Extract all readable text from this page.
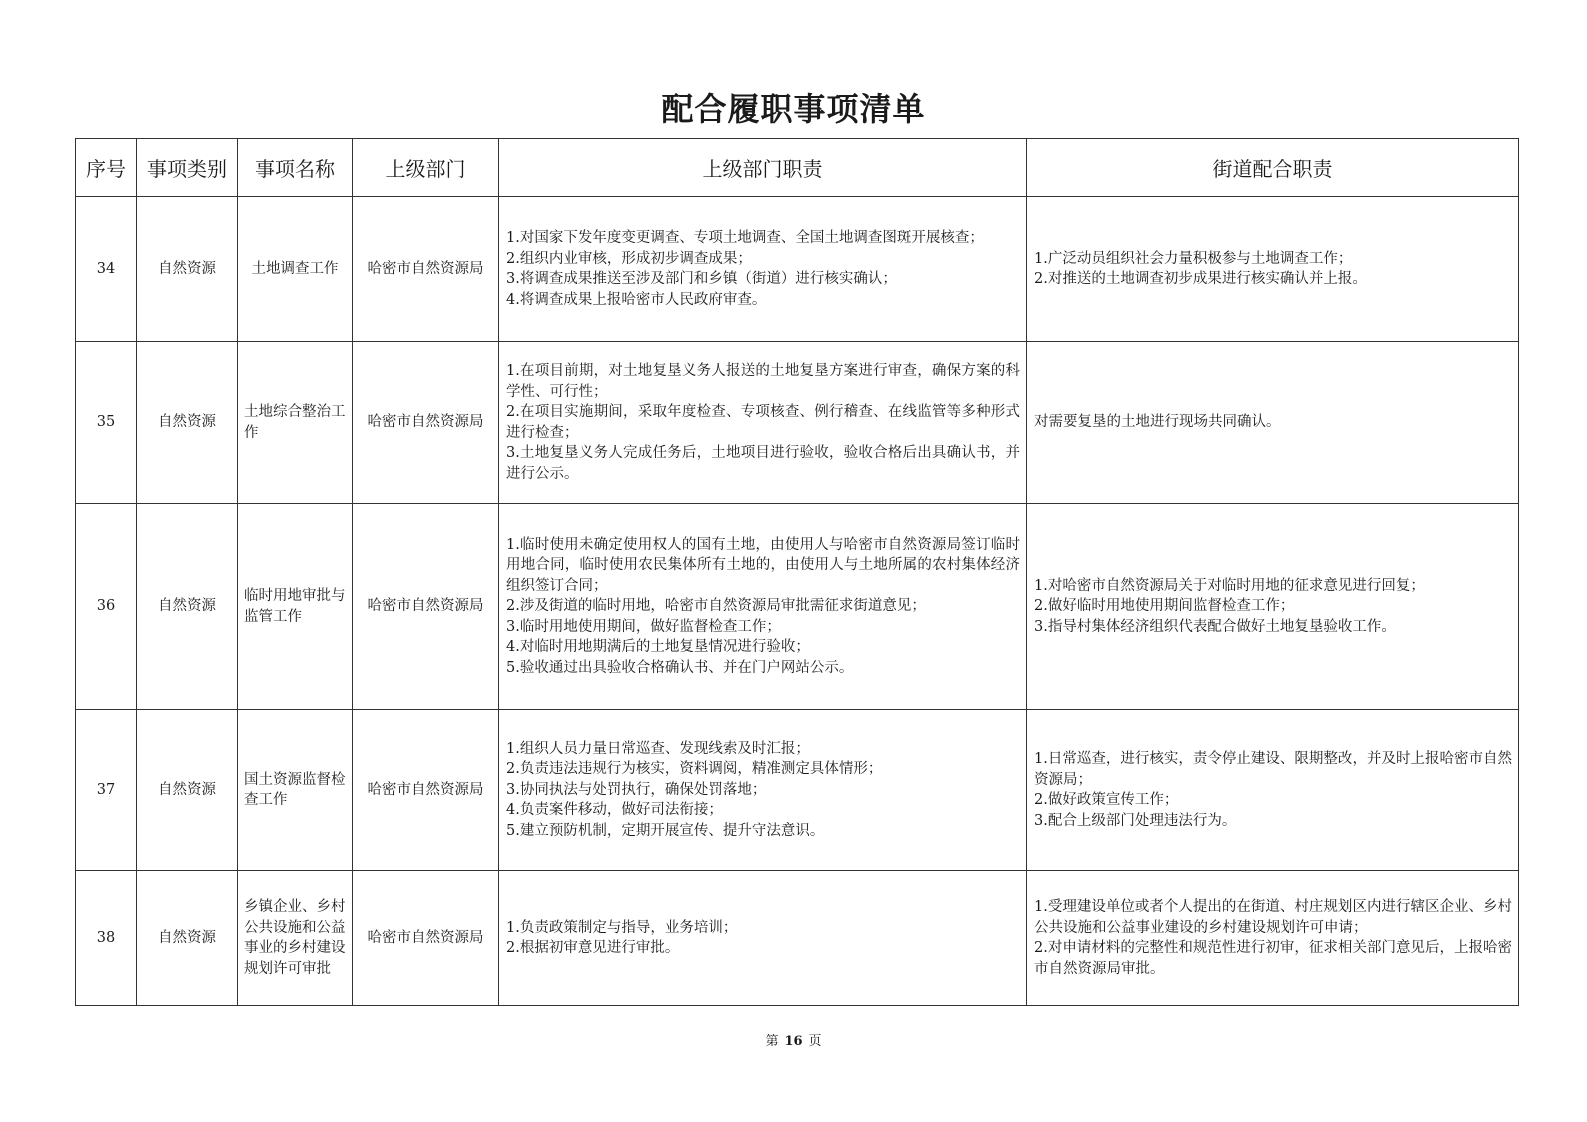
配合履职事项清单
序号	事项类别	事项名称	上级部门	上级部门职责	街道配合职责
34	自然资源	土地调查工作	哈密市自然资源局	1.对国家下发年度变更调查、专项土地调查、全国土地调查图斑开展核查；
2.组织内业审核，形成初步调查成果；
3.将调查成果推送至涉及部门和乡镇（街道）进行核实确认；
4.将调查成果上报哈密市人民政府审查。	1.广泛动员组织社会力量积极参与土地调查工作；
2.对推送的土地调查初步成果进行核实确认并上报。

35	自然资源	土地综合整治工作	哈密市自然资源局	1.在项目前期，对土地复垦义务人报送的土地复垦方案进行审查，确保方案的科学性、可行性；
2.在项目实施期间，采取年度检查、专项核查、例行稽查、在线监管等多种形式进行检查；
3.土地复垦义务人完成任务后，土地项目进行验收，验收合格后出具确认书，并进行公示。	对需要复垦的土地进行现场共同确认。

36	自然资源	临时用地审批与监管工作	哈密市自然资源局	1.临时使用未确定使用权人的国有土地，由使用人与哈密市自然资源局签订临时用地合同，临时使用农民集体所有土地的，由使用人与土地所属的农村集体经济组织签订合同；
2.涉及街道的临时用地，哈密市自然资源局审批需征求街道意见；
3.临时用地使用期间，做好监督检查工作；
4.对临时用地期满后的土地复垦情况进行验收；
5.验收通过出具验收合格确认书、并在门户网站公示。	1.对哈密市自然资源局关于对临时用地的征求意见进行回复；
2.做好临时用地使用期间监督检查工作；
3.指导村集体经济组织代表配合做好土地复垦验收工作。

37	自然资源	国土资源监督检查工作	哈密市自然资源局	1.组织人员力量日常巡查、发现线索及时汇报；
2.负责违法违规行为核实，资料调阅，精准测定具体情形；
3.协同执法与处罚执行，确保处罚落地；
4.负责案件移动，做好司法衔接；
5.建立预防机制，定期开展宣传、提升守法意识。	1.日常巡查，进行核实，责令停止建设、限期整改，并及时上报哈密市自然资源局；
2.做好政策宣传工作；
3.配合上级部门处理违法行为。

38	自然资源	乡镇企业、乡村公共设施和公益事业的乡村建设规划许可审批	哈密市自然资源局	1.负责政策制定与指导，业务培训；
2.根据初审意见进行审批。	1.受理建设单位或者个人提出的在街道、村庄规划区内进行辖区企业、乡村公共设施和公益事业建设的乡村建设规划许可申请；
2.对申请材料的完整性和规范性进行初审，征求相关部门意见后，上报哈密市自然资源局审批。
第 16 页
